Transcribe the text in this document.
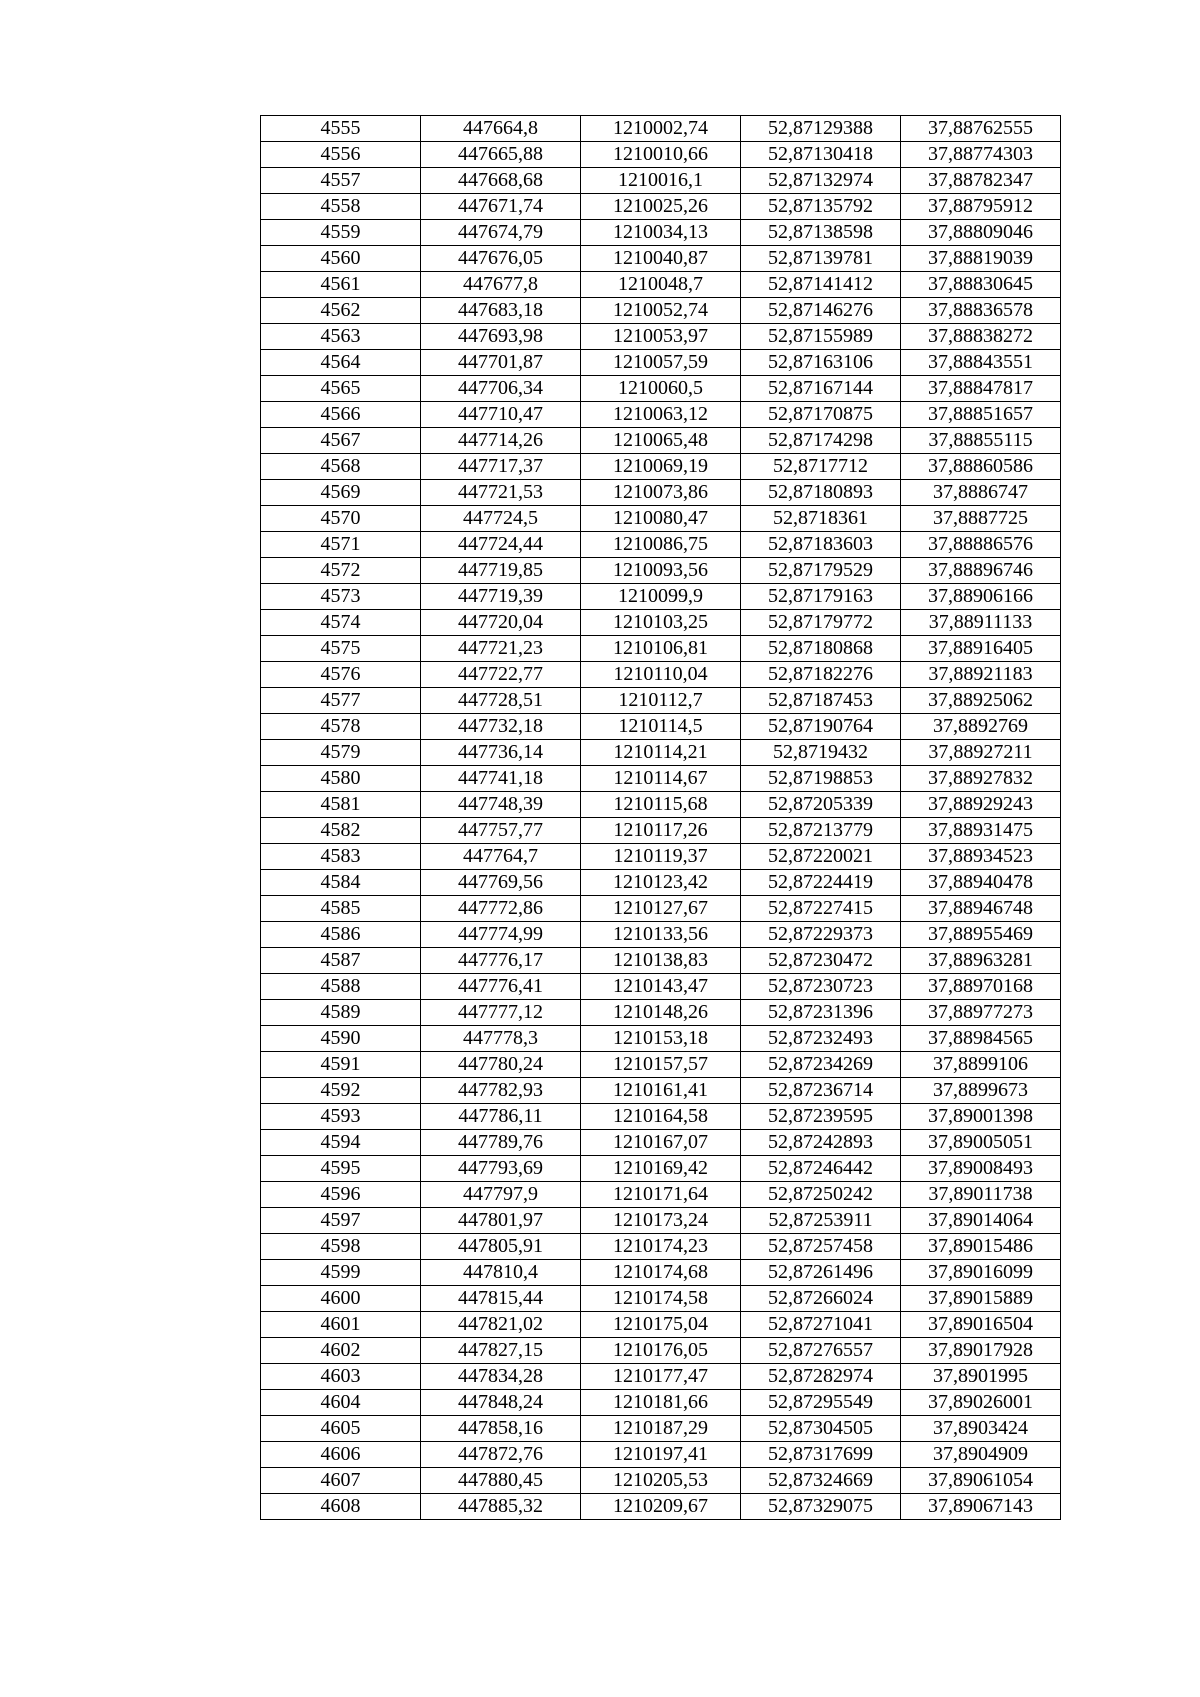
4555	447664,8	1210002,74	52,87129388	37,88762555
4556	447665,88	1210010,66	52,87130418	37,88774303
4557	447668,68	1210016,1	52,87132974	37,88782347
4558	447671,74	1210025,26	52,87135792	37,88795912
4559	447674,79	1210034,13	52,87138598	37,88809046
4560	447676,05	1210040,87	52,87139781	37,88819039
4561	447677,8	1210048,7	52,87141412	37,88830645
4562	447683,18	1210052,74	52,87146276	37,88836578
4563	447693,98	1210053,97	52,87155989	37,88838272
4564	447701,87	1210057,59	52,87163106	37,88843551
4565	447706,34	1210060,5	52,87167144	37,88847817
4566	447710,47	1210063,12	52,87170875	37,88851657
4567	447714,26	1210065,48	52,87174298	37,88855115
4568	447717,37	1210069,19	52,8717712	37,88860586
4569	447721,53	1210073,86	52,87180893	37,8886747
4570	447724,5	1210080,47	52,8718361	37,8887725
4571	447724,44	1210086,75	52,87183603	37,88886576
4572	447719,85	1210093,56	52,87179529	37,88896746
4573	447719,39	1210099,9	52,87179163	37,88906166
4574	447720,04	1210103,25	52,87179772	37,88911133
4575	447721,23	1210106,81	52,87180868	37,88916405
4576	447722,77	1210110,04	52,87182276	37,88921183
4577	447728,51	1210112,7	52,87187453	37,88925062
4578	447732,18	1210114,5	52,87190764	37,8892769
4579	447736,14	1210114,21	52,8719432	37,88927211
4580	447741,18	1210114,67	52,87198853	37,88927832
4581	447748,39	1210115,68	52,87205339	37,88929243
4582	447757,77	1210117,26	52,87213779	37,88931475
4583	447764,7	1210119,37	52,87220021	37,88934523
4584	447769,56	1210123,42	52,87224419	37,88940478
4585	447772,86	1210127,67	52,87227415	37,88946748
4586	447774,99	1210133,56	52,87229373	37,88955469
4587	447776,17	1210138,83	52,87230472	37,88963281
4588	447776,41	1210143,47	52,87230723	37,88970168
4589	447777,12	1210148,26	52,87231396	37,88977273
4590	447778,3	1210153,18	52,87232493	37,88984565
4591	447780,24	1210157,57	52,87234269	37,8899106
4592	447782,93	1210161,41	52,87236714	37,8899673
4593	447786,11	1210164,58	52,87239595	37,89001398
4594	447789,76	1210167,07	52,87242893	37,89005051
4595	447793,69	1210169,42	52,87246442	37,89008493
4596	447797,9	1210171,64	52,87250242	37,89011738
4597	447801,97	1210173,24	52,87253911	37,89014064
4598	447805,91	1210174,23	52,87257458	37,89015486
4599	447810,4	1210174,68	52,87261496	37,89016099
4600	447815,44	1210174,58	52,87266024	37,89015889
4601	447821,02	1210175,04	52,87271041	37,89016504
4602	447827,15	1210176,05	52,87276557	37,89017928
4603	447834,28	1210177,47	52,87282974	37,8901995
4604	447848,24	1210181,66	52,87295549	37,89026001
4605	447858,16	1210187,29	52,87304505	37,8903424
4606	447872,76	1210197,41	52,87317699	37,8904909
4607	447880,45	1210205,53	52,87324669	37,89061054
4608	447885,32	1210209,67	52,87329075	37,89067143
